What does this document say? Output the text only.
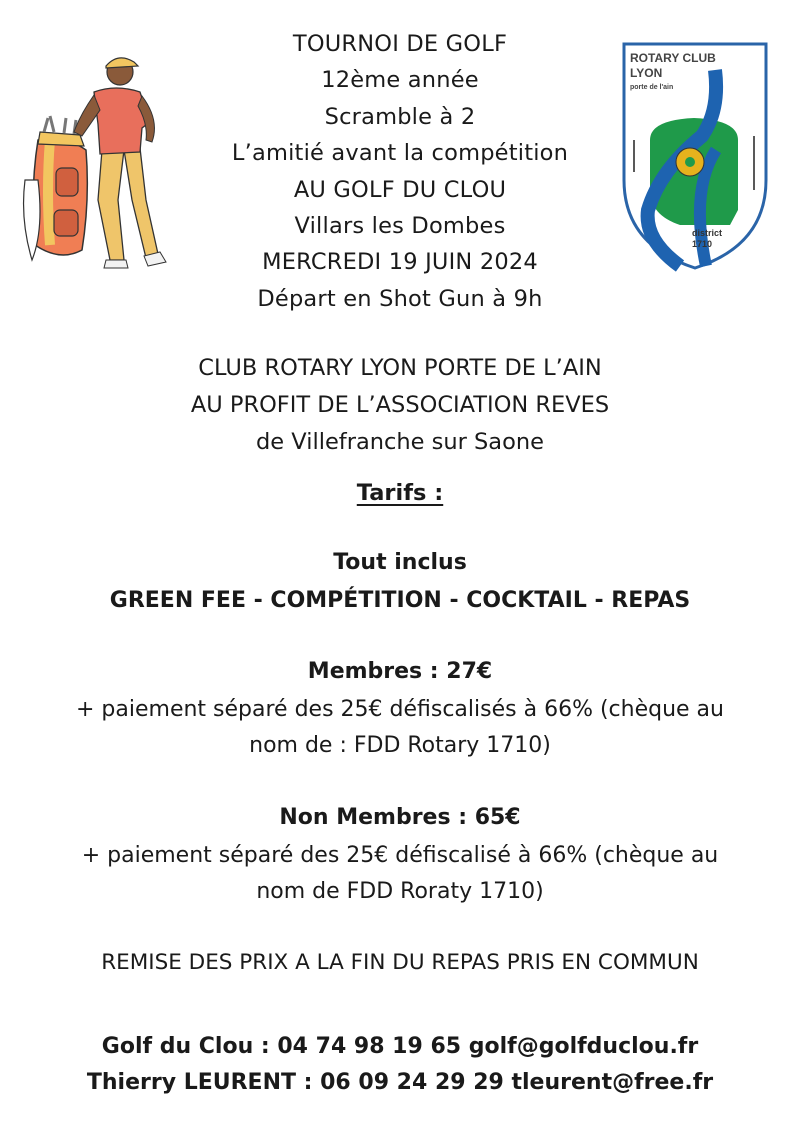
TOURNOI DE GOLF
12ème année
Scramble à 2
L’amitié avant la compétition
AU GOLF DU CLOU
Villars les Dombes
MERCREDI 19 JUIN 2024
Départ en Shot Gun à 9h
ROTARY CLUB
LYON
porte de l'ain
district
1710
CLUB ROTARY LYON PORTE DE L’AIN
AU PROFIT DE L’ASSOCIATION REVES
de Villefranche sur Saone
Tarifs :
Tout inclus
GREEN FEE - COMPÉTITION - COCKTAIL - REPAS
Membres : 27€
+ paiement séparé des 25€ défiscalisés à 66% (chèque au
nom de : FDD Rotary 1710)
Non Membres : 65€
+ paiement séparé des 25€ défiscalisé à 66% (chèque au
nom de FDD Roraty 1710)
REMISE DES PRIX A LA FIN DU REPAS PRIS EN COMMUN
Golf du Clou : 04 74 98 19 65 golf@golfduclou.fr
Thierry LEURENT : 06 09 24 29 29 tleurent@free.fr
